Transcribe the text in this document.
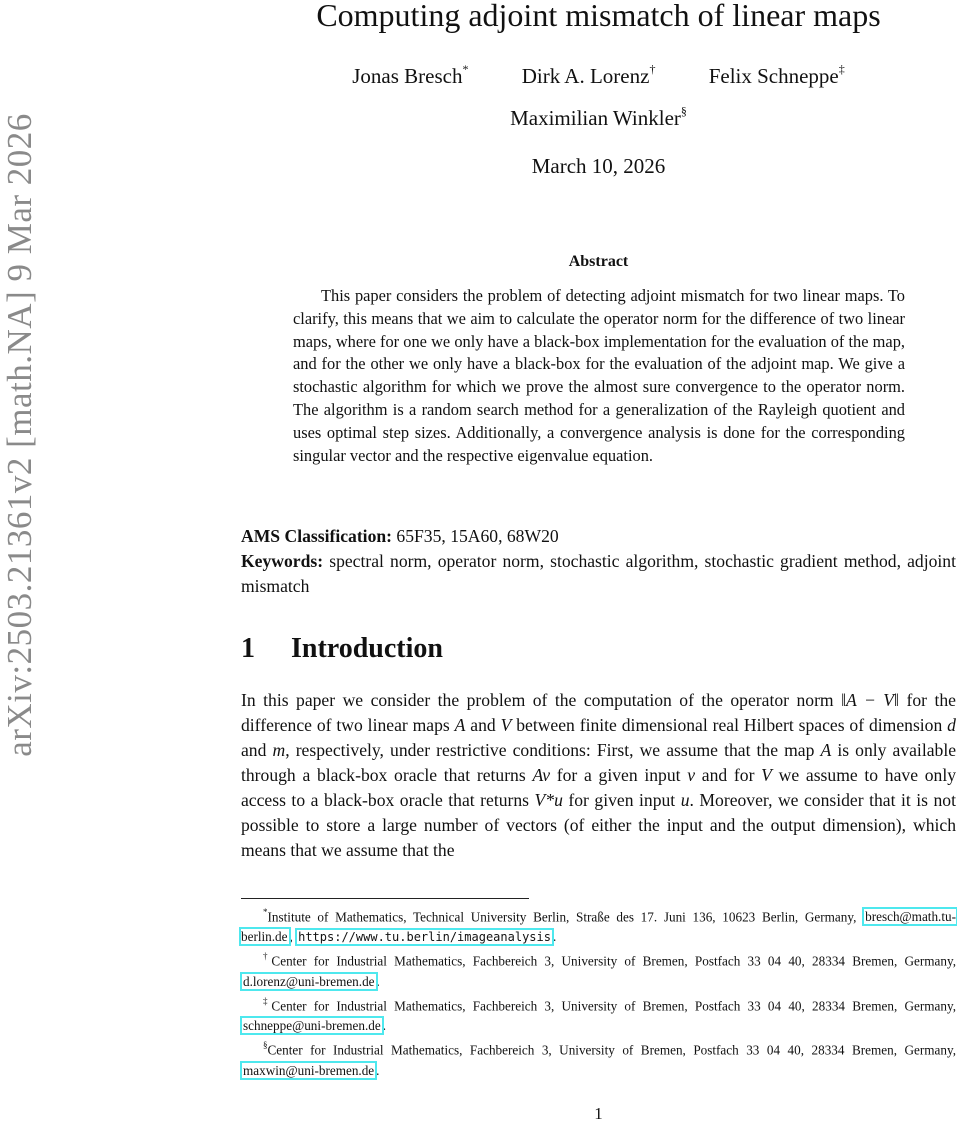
arXiv:2503.21361v2 [math.NA] 9 Mar 2026
Computing adjoint mismatch of linear maps
Jonas Bresch*	Dirk A. Lorenz†	Felix Schneppe‡
Maximilian Winkler§
March 10, 2026
Abstract

This paper considers the problem of detecting adjoint mismatch for two linear maps. To clarify, this means that we aim to calculate the operator norm for the difference of two linear maps, where for one we only have a black-box implementation for the evaluation of the map, and for the other we only have a black-box for the evaluation of the adjoint map. We give a stochastic algorithm for which we prove the almost sure convergence to the operator norm. The algorithm is a random search method for a generalization of the Rayleigh quotient and uses optimal step sizes. Additionally, a convergence analysis is done for the corresponding singular vector and the respective eigenvalue equation.

AMS Classification: 65F35, 15A60, 68W20
Keywords: spectral norm, operator norm, stochastic algorithm, stochastic gradient method, adjoint mismatch
1 Introduction

In this paper we consider the problem of the computation of the operator norm ‖A − V‖ for the difference of two linear maps A and V between finite dimensional real Hilbert spaces of dimension d and m, respectively, under restrictive conditions: First, we assume that the map A is only available through a black-box oracle that returns Av for a given input v and for V we assume to have only access to a black-box oracle that returns V*u for given input u. Moreover, we consider that it is not possible to store a large number of vectors (of either the input and the output dimension), which means that we assume that the

*Institute of Mathematics, Technical University Berlin, Straße des 17. Juni 136, 10623 Berlin, Germany, bresch@math.tu-berlin.de , https://www.tu.berlin/imageanalysis .

†Center for Industrial Mathematics, Fachbereich 3, University of Bremen, Postfach 33 04 40, 28334 Bremen, Germany, d.lorenz@uni-bremen.de .

‡Center for Industrial Mathematics, Fachbereich 3, University of Bremen, Postfach 33 04 40, 28334 Bremen, Germany, schneppe@uni-bremen.de .

§Center for Industrial Mathematics, Fachbereich 3, University of Bremen, Postfach 33 04 40, 28334 Bremen, Germany, maxwin@uni-bremen.de .

1
